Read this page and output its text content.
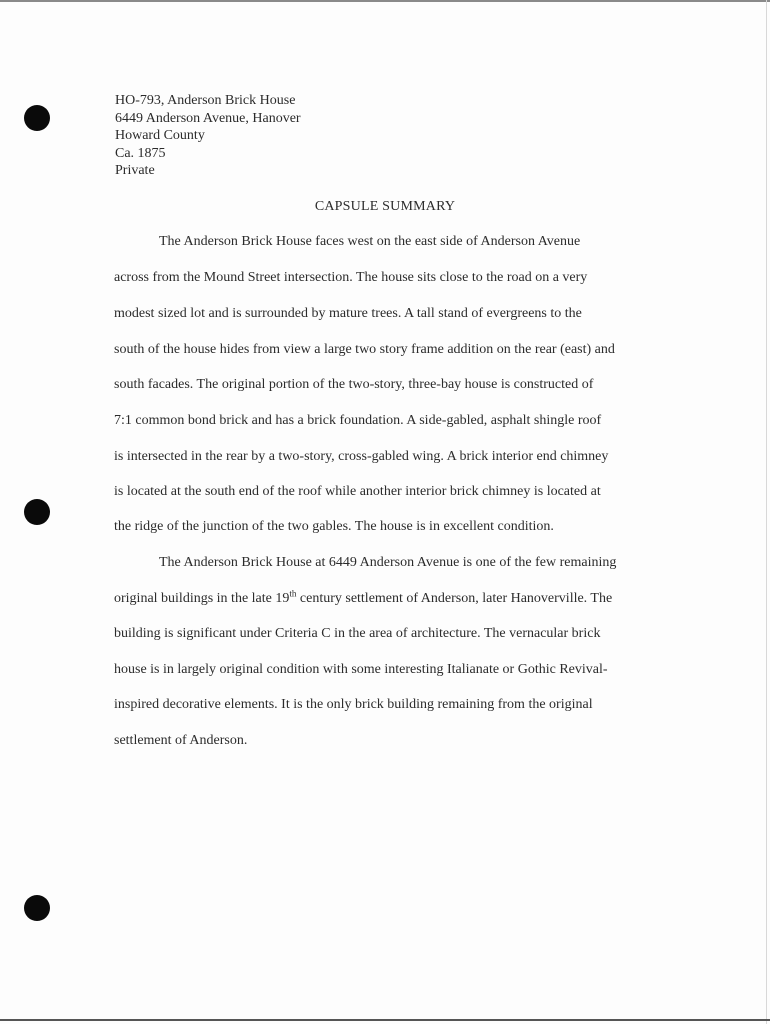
HO-793, Anderson Brick House
6449 Anderson Avenue, Hanover
Howard County
Ca. 1875
Private
CAPSULE SUMMARY
The Anderson Brick House faces west on the east side of Anderson Avenue
across from the Mound Street intersection. The house sits close to the road on a very
modest sized lot and is surrounded by mature trees. A tall stand of evergreens to the
south of the house hides from view a large two story frame addition on the rear (east) and
south facades. The original portion of the two-story, three-bay house is constructed of
7:1 common bond brick and has a brick foundation. A side-gabled, asphalt shingle roof
is intersected in the rear by a two-story, cross-gabled wing. A brick interior end chimney
is located at the south end of the roof while another interior brick chimney is located at
the ridge of the junction of the two gables. The house is in excellent condition.
The Anderson Brick House at 6449 Anderson Avenue is one of the few remaining
original buildings in the late 19th century settlement of Anderson, later Hanoverville. The
building is significant under Criteria C in the area of architecture. The vernacular brick
house is in largely original condition with some interesting Italianate or Gothic Revival-
inspired decorative elements. It is the only brick building remaining from the original
settlement of Anderson.
